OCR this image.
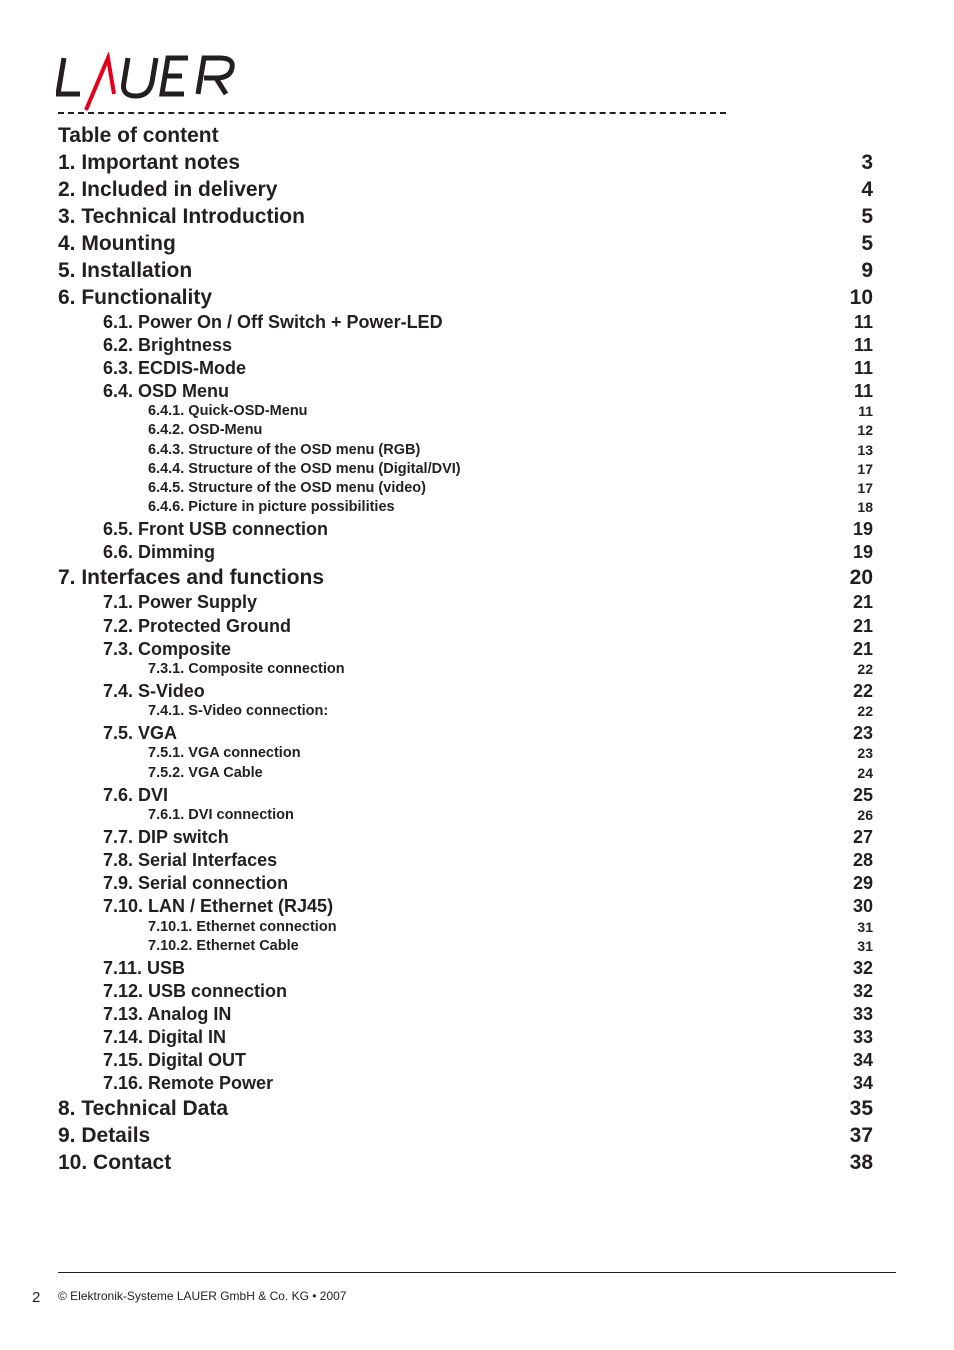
Table of content
1. Important notes	3
2. Included in delivery	4
3. Technical Introduction	5
4. Mounting	5
5. Installation	9
6. Functionality	10
6.1. Power On / Off Switch + Power-LED	11
6.2. Brightness	11
6.3. ECDIS-Mode	11
6.4. OSD Menu	11
6.4.1. Quick-OSD-Menu	11
6.4.2. OSD-Menu	12
6.4.3. Structure of the OSD menu (RGB)	13
6.4.4. Structure of the OSD menu (Digital/DVI)	17
6.4.5. Structure of the OSD menu (video)	17
6.4.6. Picture in picture possibilities	18
6.5. Front USB connection	19
6.6. Dimming	19
7. Interfaces and functions	20
7.1. Power Supply	21
7.2. Protected Ground	21
7.3. Composite	21
7.3.1. Composite connection	22
7.4. S-Video	22
7.4.1. S-Video connection:	22
7.5. VGA	23
7.5.1. VGA connection	23
7.5.2. VGA Cable	24
7.6. DVI	25
7.6.1. DVI connection	26
7.7. DIP switch	27
7.8. Serial Interfaces	28
7.9. Serial connection	29
7.10. LAN / Ethernet (RJ45)	30
7.10.1. Ethernet connection	31
7.10.2. Ethernet Cable	31
7.11. USB	32
7.12. USB connection	32
7.13. Analog IN	33
7.14. Digital IN	33
7.15. Digital OUT	34
7.16. Remote Power	34
8. Technical Data	35
9. Details	37
10. Contact	38
2 © Elektronik-Systeme LAUER GmbH & Co. KG • 2007
